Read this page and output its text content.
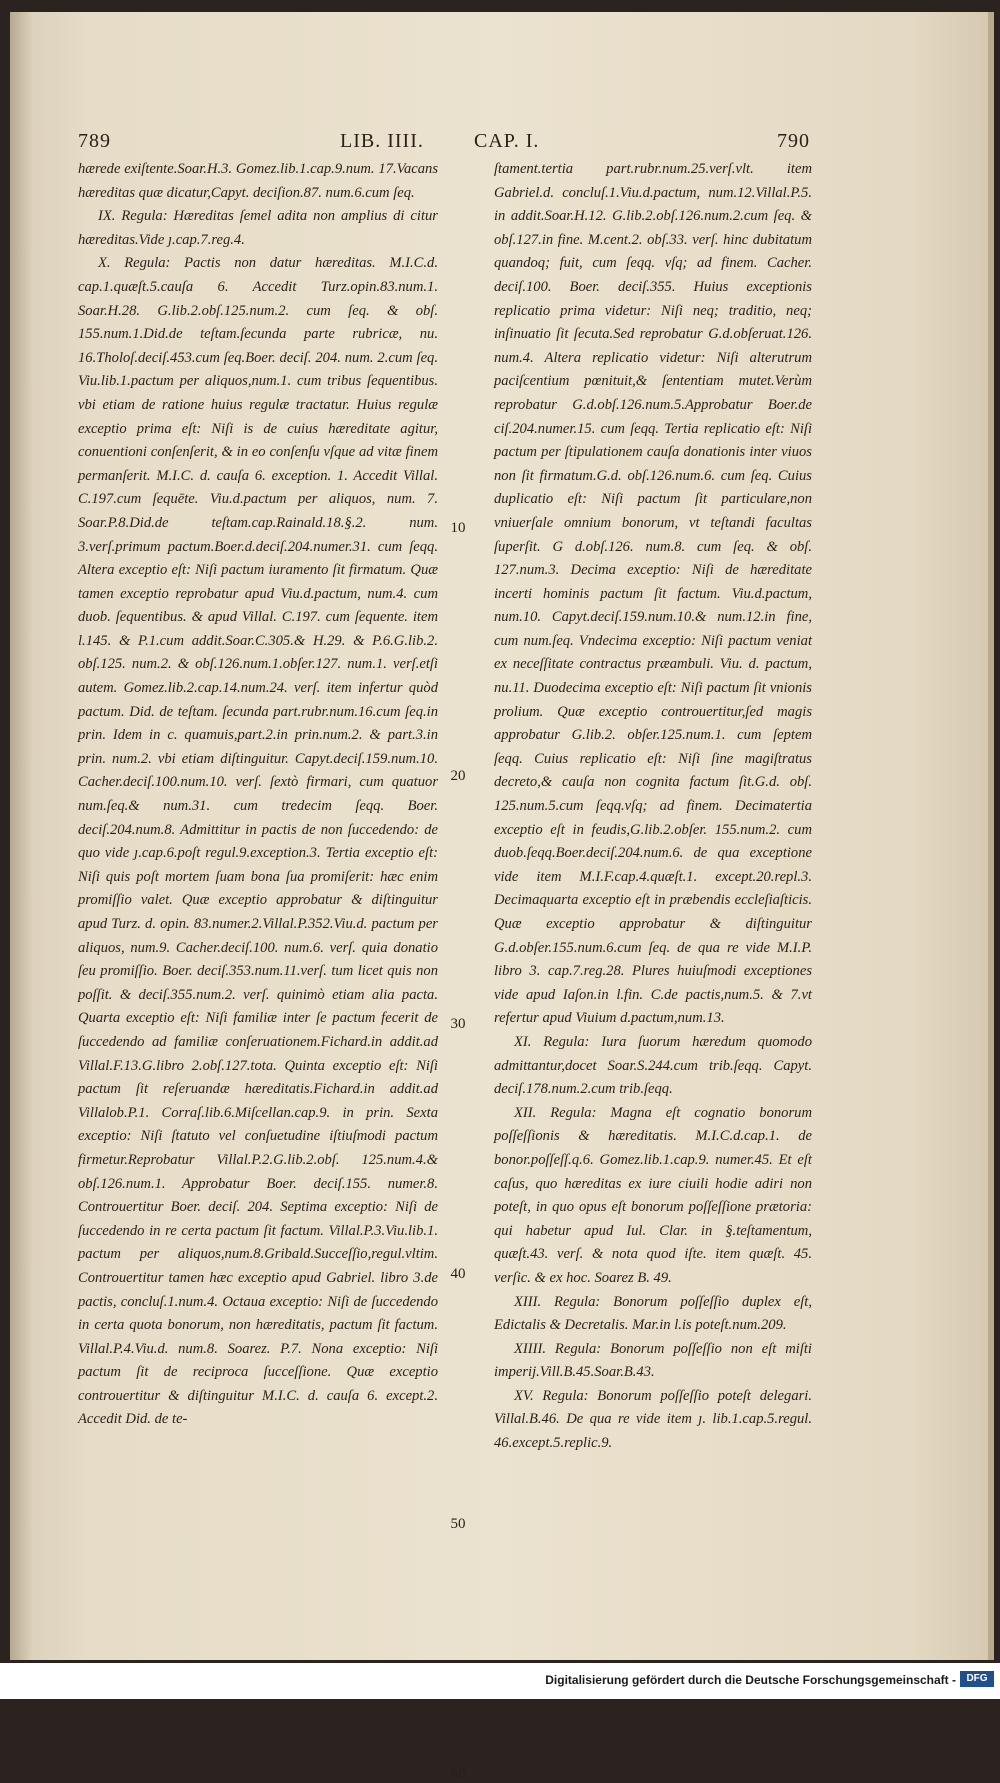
789	LIB. IIII.	CAP. I.	790

hærede exiſtente.Soar.H.3. Gomez.lib.1.cap.9.num. 17.Vacans hæreditas quæ dicatur,Capyt. deciſion.87. num.6.cum ſeq.

IX. Regula: Hæreditas ſemel adita non amplius di citur hæreditas.Vide ȷ.cap.7.reg.4.

X. Regula: Pactis non datur hæreditas. M.I.C.d. cap.1.quæſt.5.cauſa 6. Accedit Turz.opin.83.num.1. Soar.H.28. G.lib.2.obſ.125.num.2. cum ſeq. & obſ. 155.num.1.Did.de teſtam.ſecunda parte rubricæ, nu. 16.Tholoſ.deciſ.453.cum ſeq.Boer. deciſ. 204. num. 2.cum ſeq. Viu.lib.1.pactum per aliquos,num.1. cum tribus ſequentibus. vbi etiam de ratione huius regulæ tractatur. Huius regulæ exceptio prima eſt: Niſi is de cuius hæreditate agitur, conuentioni conſenſerit, & in eo conſenſu vſque ad vitæ finem permanſerit. M.I.C. d. cauſa 6. exception. 1. Accedit Villal. C.197.cum ſequēte. Viu.d.pactum per aliquos, num. 7. Soar.P.8.Did.de teſtam.cap.Rainald.18.§.2. num. 3.verſ.primum pactum.Boer.d.deciſ.204.numer.31. cum ſeqq. Altera exceptio eſt: Niſi pactum iuramento ſit firmatum. Quæ tamen exceptio reprobatur apud Viu.d.pactum, num.4. cum duob. ſequentibus. & apud Villal. C.197. cum ſequente. item l.145. & P.1.cum addit.Soar.C.305.& H.29. & P.6.G.lib.2. obſ.125. num.2. & obſ.126.num.1.obſer.127. num.1. verſ.etſi autem. Gomez.lib.2.cap.14.num.24. verſ. item infertur quòd pactum. Did. de teſtam. ſecunda part.rubr.num.16.cum ſeq.in prin. Idem in c. quamuis,part.2.in prin.num.2. & part.3.in prin. num.2. vbi etiam diſtinguitur. Capyt.deciſ.159.num.10. Cacher.deciſ.100.num.10. verſ. ſextò firmari, cum quatuor num.ſeq.& num.31. cum tredecim ſeqq. Boer. deciſ.204.num.8. Admittitur in pactis de non ſuccedendo: de quo vide ȷ.cap.6.poſt regul.9.exception.3. Tertia exceptio eſt: Niſi quis poſt mortem ſuam bona ſua promiſerit: hæc enim promiſſio valet. Quæ exceptio approbatur & diſtinguitur apud Turz. d. opin. 83.numer.2.Villal.P.352.Viu.d. pactum per aliquos, num.9. Cacher.deciſ.100. num.6. verſ. quia donatio ſeu promiſſio. Boer. deciſ.353.num.11.verſ. tum licet quis non poſſit. & deciſ.355.num.2. verſ. quinimò etiam alia pacta. Quarta exceptio eſt: Niſi familiæ inter ſe pactum fecerit de ſuccedendo ad familiæ conſeruationem.Fichard.in addit.ad Villal.F.13.G.libro 2.obſ.127.tota. Quinta exceptio eſt: Niſi pactum ſit reſeruandæ hæreditatis.Fichard.in addit.ad Villalob.P.1. Corraſ.lib.6.Miſcellan.cap.9. in prin. Sexta exceptio: Niſi ſtatuto vel conſuetudine iſtiuſmodi pactum firmetur.Reprobatur Villal.P.2.G.lib.2.obſ. 125.num.4.& obſ.126.num.1. Approbatur Boer. deciſ.155. numer.8. Controuertitur Boer. deciſ. 204. Septima exceptio: Niſi de ſuccedendo in re certa pactum ſit factum. Villal.P.3.Viu.lib.1. pactum per aliquos,num.8.Gribald.Succeſſio,regul.vltim. Controuertitur tamen hæc exceptio apud Gabriel. libro 3.de pactis, concluſ.1.num.4. Octaua exceptio: Niſi de ſuccedendo in certa quota bonorum, non hæreditatis, pactum ſit factum. Villal.P.4.Viu.d. num.8. Soarez. P.7. Nona exceptio: Niſi pactum ſit de reciproca ſucceſſione. Quæ exceptio controuertitur & diſtinguitur M.I.C. d. cauſa 6. except.2. Accedit Did. de te-

10
20
30
40
50
60

ſtament.tertia part.rubr.num.25.verſ.vlt. item Gabriel.d. concluſ.1.Viu.d.pactum, num.12.Villal.P.5. in addit.Soar.H.12. G.lib.2.obſ.126.num.2.cum ſeq. & obſ.127.in fine. M.cent.2. obſ.33. verſ. hinc dubitatum quandoq; fuit, cum ſeqq. vſq; ad finem. Cacher. deciſ.100. Boer. deciſ.355. Huius exceptionis replicatio prima videtur: Niſi neq; traditio, neq; inſinuatio ſit ſecuta.Sed reprobatur G.d.obſeruat.126. num.4. Altera replicatio videtur: Niſi alterutrum paciſcentium pœnituit,& ſententiam mutet.Verùm reprobatur G.d.obſ.126.num.5.Approbatur Boer.de ciſ.204.numer.15. cum ſeqq. Tertia replicatio eſt: Niſi pactum per ſtipulationem cauſa donationis inter viuos non ſit firmatum.G.d. obſ.126.num.6. cum ſeq. Cuius duplicatio eſt: Niſi pactum ſit particulare,non vniuerſale omnium bonorum, vt teſtandi facultas ſuperſit. G d.obſ.126. num.8. cum ſeq. & obſ. 127.num.3. Decima exceptio: Niſi de hæreditate incerti hominis pactum ſit factum. Viu.d.pactum, num.10. Capyt.deciſ.159.num.10.& num.12.in fine, cum num.ſeq. Vndecima exceptio: Niſi pactum veniat ex neceſſitate contractus præambuli. Viu. d. pactum, nu.11. Duodecima exceptio eſt: Niſi pactum ſit vnionis prolium. Quæ exceptio controuertitur,ſed magis approbatur G.lib.2. obſer.125.num.1. cum ſeptem ſeqq. Cuius replicatio eſt: Niſi ſine magiſtratus decreto,& cauſa non cognita factum ſit.G.d. obſ. 125.num.5.cum ſeqq.vſq; ad finem. Decimatertia exceptio eſt in feudis,G.lib.2.obſer. 155.num.2. cum duob.ſeqq.Boer.deciſ.204.num.6. de qua exceptione vide item M.I.F.cap.4.quæſt.1. except.20.repl.3. Decimaquarta exceptio eſt in præbendis eccleſiaſticis. Quæ exceptio approbatur & diſtinguitur G.d.obſer.155.num.6.cum ſeq. de qua re vide M.I.P. libro 3. cap.7.reg.28. Plures huiuſmodi exceptiones vide apud Iaſon.in l.fin. C.de pactis,num.5. & 7.vt refertur apud Viuium d.pactum,num.13.

XI. Regula: Iura ſuorum hæredum quomodo admittantur,docet Soar.S.244.cum trib.ſeqq. Capyt. deciſ.178.num.2.cum trib.ſeqq.

XII. Regula: Magna eſt cognatio bonorum poſſeſſionis & hæreditatis. M.I.C.d.cap.1. de bonor.poſſeſſ.q.6. Gomez.lib.1.cap.9. numer.45. Et eſt caſus, quo hæreditas ex iure ciuili hodie adiri non poteſt, in quo opus eſt bonorum poſſeſſione prætoria: qui habetur apud Iul. Clar. in §.teſtamentum, quæſt.43. verſ. & nota quod iſte. item quæſt. 45. verſic. & ex hoc. Soarez B. 49.

XIII. Regula: Bonorum poſſeſſio duplex eſt, Edictalis & Decretalis. Mar.in l.is poteſt.num.209.

XIIII. Regula: Bonorum poſſeſſio non eſt miſti imperij.Vill.B.45.Soar.B.43.

XV. Regula: Bonorum poſſeſſio poteſt delegari. Villal.B.46. De qua re vide item ȷ. lib.1.cap.5.regul. 46.except.5.replic.9.

Digitalisierung gefördert durch die Deutsche Forschungsgemeinschaft -	DFG
